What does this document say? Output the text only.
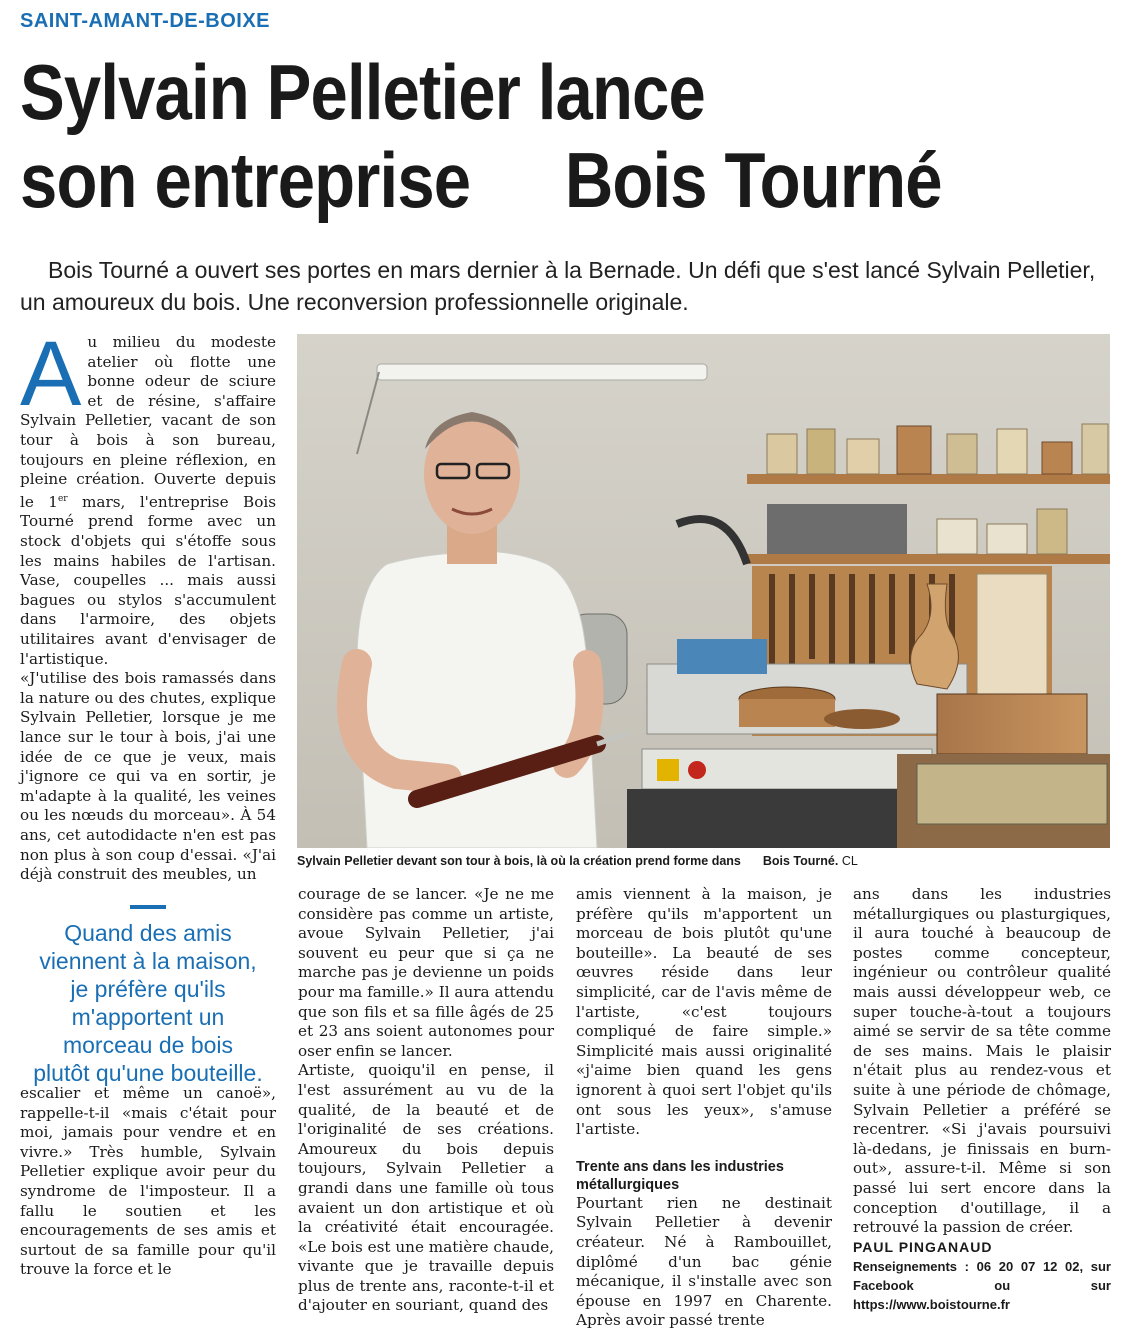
SAINT-AMANT-DE-BOIXE
Sylvain Pelletier lance
son entreprise Bois Tourné

Bois Tourné a ouvert ses portes en mars dernier à la Bernade. Un défi que s'est lancé Sylvain Pelletier,

un amoureux du bois. Une reconversion professionnelle originale.
A u milieu du modeste atelier où flotte une bonne odeur de sciure et de résine, s'affaire Sylvain Pelletier, vacant de son tour à bois à son bureau, toujours en pleine réflexion, en pleine création. Ouverte depuis le 1er mars, l'entreprise Bois Tourné prend forme avec un stock d'objets qui s'étoffe sous les mains habiles de l'artisan. Vase, coupelles ... mais aussi bagues ou stylos s'accumulent dans l'armoire, des objets utilitaires avant d'envisager de l'artistique.

«J'utilise des bois ramassés dans la nature ou des chutes, explique Sylvain Pelletier, lorsque je me lance sur le tour à bois, j'ai une idée de ce que je veux, mais j'ignore ce qui va en sortir, je m'adapte à la qualité, les veines ou les nœuds du morceau». À 54 ans, cet autodidacte n'en est pas non plus à son coup d'essai. «J'ai déjà construit des meubles, un

Quand des amis

viennent à la maison,

je préfère qu'ils

m'apportent un

morceau de bois

plutôt qu'une bouteille.

escalier et même un canoë», rappelle-t-il «mais c'était pour moi, jamais pour vendre et en vivre.» Très humble, Sylvain Pelletier explique avoir peur du syndrome de l'imposteur. Il a fallu le soutien et les encouragements de ses amis et surtout de sa famille pour qu'il trouve la force et le

Sylvain Pelletier devant son tour à bois, là où la création prend forme dans Bois Tourné. CL

courage de se lancer. «Je ne me considère pas comme un artiste, avoue Sylvain Pelletier, j'ai souvent eu peur que si ça ne marche pas je devienne un poids pour ma famille.» Il aura attendu que son fils et sa fille âgés de 25 et 23 ans soient autonomes pour oser enfin se lancer.

Artiste, quoiqu'il en pense, il l'est assurément au vu de la qualité, de la beauté et de l'originalité de ses créations. Amoureux du bois depuis toujours, Sylvain Pelletier a grandi dans une famille où tous avaient un don artistique et où la créativité était encouragée. «Le bois est une matière chaude, vivante que je travaille depuis plus de trente ans, raconte-t-il et d'ajouter en souriant, quand des

amis viennent à la maison, je préfère qu'ils m'apportent un morceau de bois plutôt qu'une bouteille». La beauté de ses œuvres réside dans leur simplicité, car de l'avis même de l'artiste, «c'est toujours compliqué de faire simple.» Simplicité mais aussi originalité «j'aime bien quand les gens ignorent à quoi sert l'objet qu'ils ont sous les yeux», s'amuse l'artiste.

Trente ans dans les industries métallurgiques

Pourtant rien ne destinait Sylvain Pelletier à devenir créateur. Né à Rambouillet, diplômé d'un bac génie mécanique, il s'installe avec son épouse en 1997 en Charente. Après avoir passé trente

ans dans les industries métallurgiques ou plasturgiques, il aura touché à beaucoup de postes comme concepteur, ingénieur ou contrôleur qualité mais aussi développeur web, ce super touche-à-tout a toujours aimé se servir de sa tête comme de ses mains. Mais le plaisir n'était plus au rendez-vous et suite à une période de chômage, Sylvain Pelletier a préféré se recentrer. «Si j'avais poursuivi là-dedans, je finissais en burn-out», assure-t-il. Même si son passé lui sert encore dans la conception d'outillage, il a retrouvé la passion de créer.

PAUL PINGANAUD

Renseignements : 06 20 07 12 02, sur Facebook ou sur https://www.boistourne.fr
